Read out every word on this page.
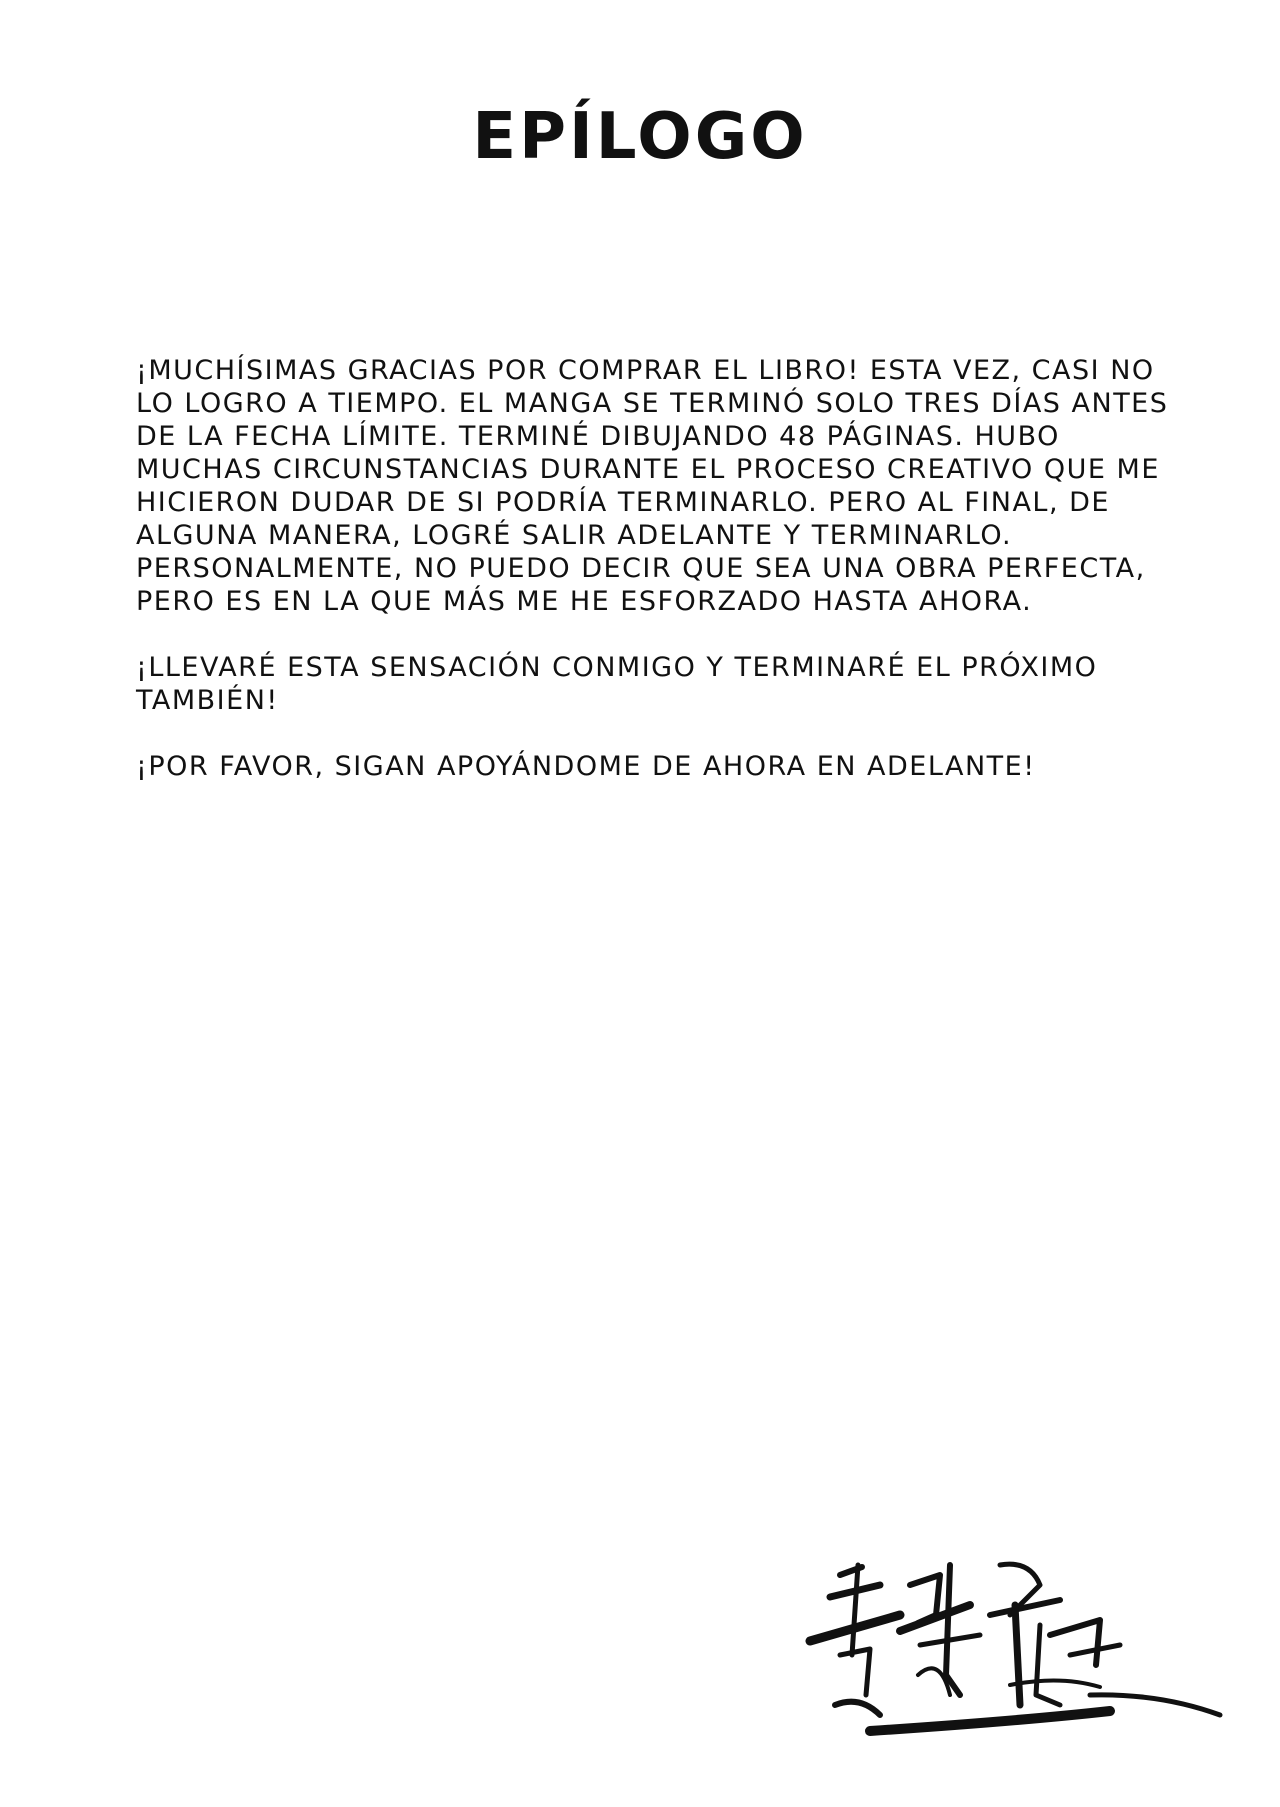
EPÍLOGO

¡MUCHÍSIMAS GRACIAS POR COMPRAR EL LIBRO! ESTA VEZ, CASI NO LO LOGRO A TIEMPO. EL MANGA SE TERMINÓ SOLO TRES DÍAS ANTES DE LA FECHA LÍMITE. TERMINÉ DIBUJANDO 48 PÁGINAS. HUBO MUCHAS CIRCUNSTANCIAS DURANTE EL PROCESO CREATIVO QUE ME HICIERON DUDAR DE SI PODRÍA TERMINARLO. PERO AL FINAL, DE ALGUNA MANERA, LOGRÉ SALIR ADELANTE Y TERMINARLO. PERSONALMENTE, NO PUEDO DECIR QUE SEA UNA OBRA PERFECTA, PERO ES EN LA QUE MÁS ME HE ESFORZADO HASTA AHORA.

¡LLEVARÉ ESTA SENSACIÓN CONMIGO Y TERMINARÉ EL PRÓXIMO TAMBIÉN!

¡POR FAVOR, SIGAN APOYÁNDOME DE AHORA EN ADELANTE!
